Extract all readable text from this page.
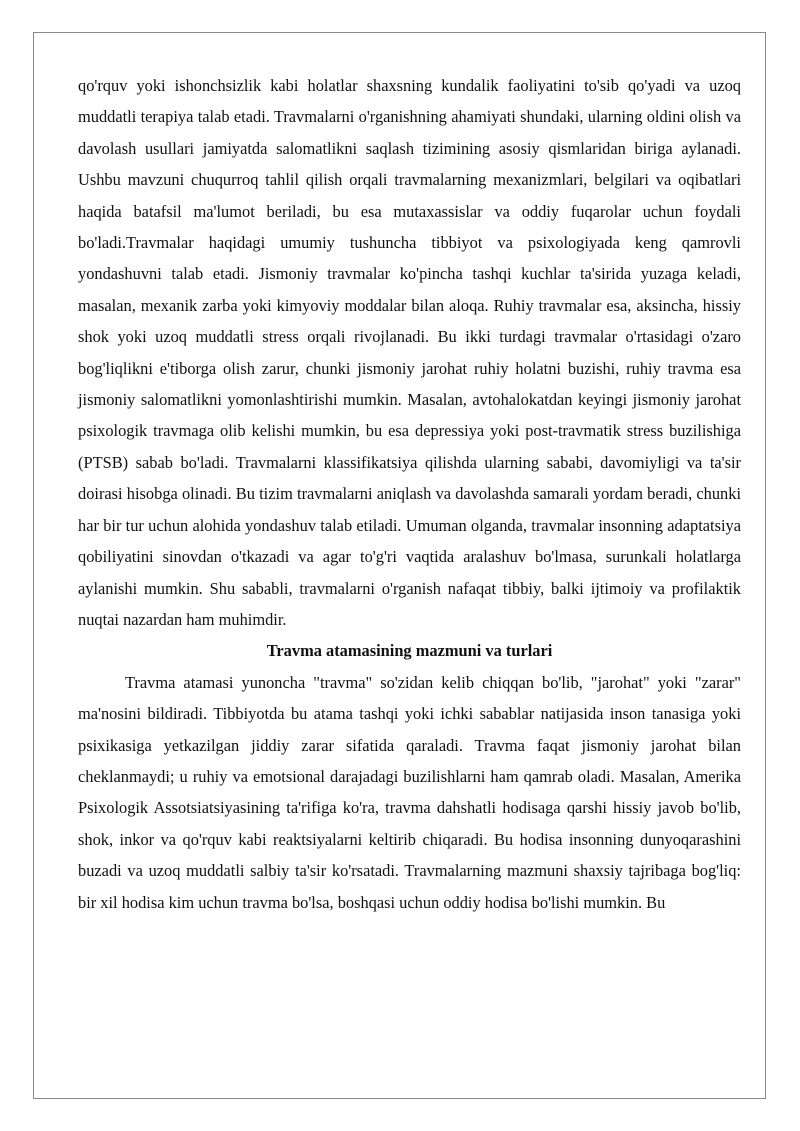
qo'rquv yoki ishonchsizlik kabi holatlar shaxsning kundalik faoliyatini to'sib qo'yadi va uzoq muddatli terapiya talab etadi. Travmalarni o'rganishning ahamiyati shundaki, ularning oldini olish va davolash usullari jamiyatda salomatlikni saqlash tizimining asosiy qismlaridan biriga aylanadi. Ushbu mavzuni chuqurroq tahlil qilish orqali travmalarning mexanizmlari, belgilari va oqibatlari haqida batafsil ma'lumot beriladi, bu esa mutaxassislar va oddiy fuqarolar uchun foydali bo'ladi.Travmalar haqidagi umumiy tushuncha tibbiyot va psixologiyada keng qamrovli yondashuvni talab etadi. Jismoniy travmalar ko'pincha tashqi kuchlar ta'sirida yuzaga keladi, masalan, mexanik zarba yoki kimyoviy moddalar bilan aloqa. Ruhiy travmalar esa, aksincha, hissiy shok yoki uzoq muddatli stress orqali rivojlanadi. Bu ikki turdagi travmalar o'rtasidagi o'zaro bog'liqlikni e'tiborga olish zarur, chunki jismoniy jarohat ruhiy holatni buzishi, ruhiy travma esa jismoniy salomatlikni yomonlashtirishi mumkin. Masalan, avtohalokatdan keyingi jismoniy jarohat psixologik travmaga olib kelishi mumkin, bu esa depressiya yoki post-travmatik stress buzilishiga (PTSB) sabab bo'ladi. Travmalarni klassifikatsiya qilishda ularning sababi, davomiyligi va ta'sir doirasi hisobga olinadi. Bu tizim travmalarni aniqlash va davolashda samarali yordam beradi, chunki har bir tur uchun alohida yondashuv talab etiladi. Umuman olganda, travmalar insonning adaptatsiya qobiliyatini sinovdan o'tkazadi va agar to'g'ri vaqtida aralashuv bo'lmasa, surunkali holatlarga aylanishi mumkin. Shu sababli, travmalarni o'rganish nafaqat tibbiy, balki ijtimoiy va profilaktik nuqtai nazardan ham muhimdir.

Travma atamasining mazmuni va turlari

Travma atamasi yunoncha "travma" so'zidan kelib chiqqan bo'lib, "jarohat" yoki "zarar" ma'nosini bildiradi. Tibbiyotda bu atama tashqi yoki ichki sabablar natijasida inson tanasiga yoki psixikasiga yetkazilgan jiddiy zarar sifatida qaraladi. Travma faqat jismoniy jarohat bilan cheklanmaydi; u ruhiy va emotsional darajadagi buzilishlarni ham qamrab oladi. Masalan, Amerika Psixologik Assotsiatsiyasining ta'rifiga ko'ra, travma dahshatli hodisaga qarshi hissiy javob bo'lib, shok, inkor va qo'rquv kabi reaktsiyalarni keltirib chiqaradi. Bu hodisa insonning dunyoqarashini buzadi va uzoq muddatli salbiy ta'sir ko'rsatadi. Travmalarning mazmuni shaxsiy tajribaga bog'liq: bir xil hodisa kim uchun travma bo'lsa, boshqasi uchun oddiy hodisa bo'lishi mumkin. Bu
